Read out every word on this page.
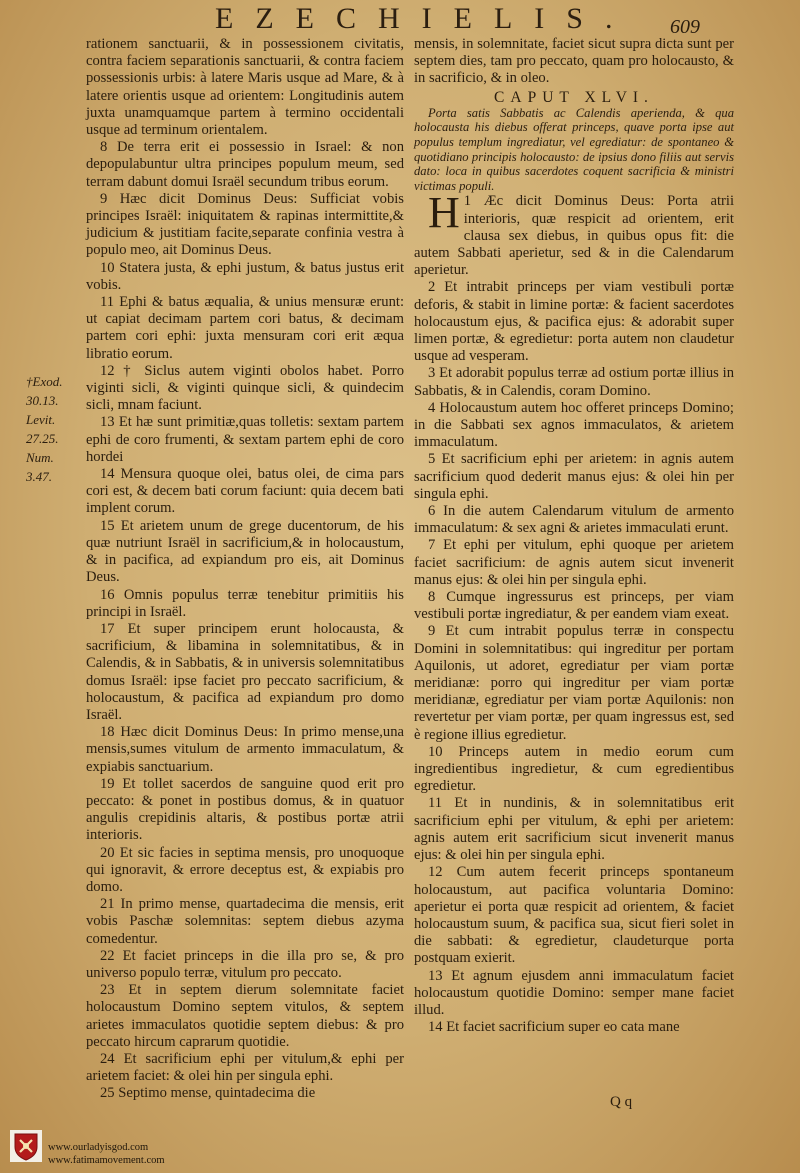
EZECHIELIS. 609
†Exod.
30.13.
Levit.
27.25.
Num.
3.47.

rationem sanctuarii, & in possessionem civitatis, contra faciem separationis sanctuarii, & contra faciem possessionis urbis: à latere Maris usque ad Mare, & à latere orientis usque ad orientem: Longitudinis autem juxta unamquamque partem à termino occidentali usque ad terminum orientalem.

8 De terra erit ei possessio in Israel: & non depopulabuntur ultra principes populum meum, sed terram dabunt domui Israël secundum tribus eorum.

9 Hæc dicit Dominus Deus: Sufficiat vobis principes Israël: iniquitatem & rapinas intermittite,& judicium & justitiam facite,separate confinia vestra à populo meo, ait Dominus Deus.

10 Statera justa, & ephi justum, & batus justus erit vobis.

11 Ephi & batus æqualia, & unius mensuræ erunt: ut capiat decimam partem cori batus, & decimam partem cori ephi: juxta mensuram cori erit æqua libratio eorum.

12 † Siclus autem viginti obolos habet. Porro viginti sicli, & viginti quinque sicli, & quindecim sicli, mnam faciunt.

13 Et hæ sunt primitiæ,quas tolletis: sextam partem ephi de coro frumenti, & sextam partem ephi de coro hordei

14 Mensura quoque olei, batus olei, de cima pars cori est, & decem bati corum faciunt: quia decem bati implent corum.

15 Et arietem unum de grege ducentorum, de his quæ nutriunt Israël in sacrificium,& in holocaustum, & in pacifica, ad expiandum pro eis, ait Dominus Deus.

16 Omnis populus terræ tenebitur primitiis his principi in Israël.

17 Et super principem erunt holocausta, & sacrificium, & libamina in solemnitatibus, & in Calendis, & in Sabbatis, & in universis solemnitatibus domus Israël: ipse faciet pro peccato sacrificium, & holocaustum, & pacifica ad expiandum pro domo Israël.

18 Hæc dicit Dominus Deus: In primo mense,una mensis,sumes vitulum de armento immaculatum, & expiabis sanctuarium.

19 Et tollet sacerdos de sanguine quod erit pro peccato: & ponet in postibus domus, & in quatuor angulis crepidinis altaris, & postibus portæ atrii interioris.

20 Et sic facies in septima mensis, pro unoquoque qui ignoravit, & errore deceptus est, & expiabis pro domo.

21 In primo mense, quartadecima die mensis, erit vobis Paschæ solemnitas: septem diebus azyma comedentur.

22 Et faciet princeps in die illa pro se, & pro universo populo terræ, vitulum pro peccato.

23 Et in septem dierum solemnitate faciet holocaustum Domino septem vitulos, & septem arietes immaculatos quotidie septem diebus: & pro peccato hircum caprarum quotidie.

24 Et sacrificium ephi per vitulum,& ephi per arietem faciet: & olei hin per singula ephi.

25 Septimo mense, quintadecima die

mensis, in solemnitate, faciet sicut supra dicta sunt per septem dies, tam pro peccato, quam pro holocausto, & in sacrificio, & in oleo.

CAPUT XLVI.

Porta satis Sabbatis ac Calendis aperienda, & qua holocausta his diebus offerat princeps, quave porta ipse aut populus templum ingrediatur, vel egrediatur: de spontaneo & quotidiano principis holocausto: de ipsius dono filiis aut servis dato: loca in quibus sacerdotes coquent sacrificia & ministri victimas populi.

H 1 Æc dicit Dominus Deus: Porta atrii interioris, quæ respicit ad orientem, erit clausa sex diebus, in quibus opus fit: die autem Sabbati aperietur, sed & in die Calendarum aperietur.

2 Et intrabit princeps per viam vestibuli portæ deforis, & stabit in limine portæ: & facient sacerdotes holocaustum ejus, & pacifica ejus: & adorabit super limen portæ, & egredietur: porta autem non claudetur usque ad vesperam.

3 Et adorabit populus terræ ad ostium portæ illius in Sabbatis, & in Calendis, coram Domino.

4 Holocaustum autem hoc offeret princeps Domino; in die Sabbati sex agnos immaculatos, & arietem immaculatum.

5 Et sacrificium ephi per arietem: in agnis autem sacrificium quod dederit manus ejus: & olei hin per singula ephi.

6 In die autem Calendarum vitulum de armento immaculatum: & sex agni & arietes immaculati erunt.

7 Et ephi per vitulum, ephi quoque per arietem faciet sacrificium: de agnis autem sicut invenerit manus ejus: & olei hin per singula ephi.

8 Cumque ingressurus est princeps, per viam vestibuli portæ ingrediatur, & per eandem viam exeat.

9 Et cum intrabit populus terræ in conspectu Domini in solemnitatibus: qui ingreditur per portam Aquilonis, ut adoret, egrediatur per viam portæ meridianæ: porro qui ingreditur per viam portæ meridianæ, egrediatur per viam portæ Aquilonis: non revertetur per viam portæ, per quam ingressus est, sed è regione illius egredietur.

10 Princeps autem in medio eorum cum ingredientibus ingredietur, & cum egredientibus egredietur.

11 Et in nundinis, & in solemnitatibus erit sacrificium ephi per vitulum, & ephi per arietem: agnis autem erit sacrificium sicut invenerit manus ejus: & olei hin per singula ephi.

12 Cum autem fecerit princeps spontaneum holocaustum, aut pacifica voluntaria Domino: aperietur ei porta quæ respicit ad orientem, & faciet holocaustum suum, & pacifica sua, sicut fieri solet in die sabbati: & egredietur, claudeturque porta postquam exierit.

13 Et agnum ejusdem anni immaculatum faciet holocaustum quotidie Domino: semper mane faciet illud.

14 Et faciet sacrificium super eo cata mane

Q q
www.ourladyisgod.com
www.fatimamovement.com
